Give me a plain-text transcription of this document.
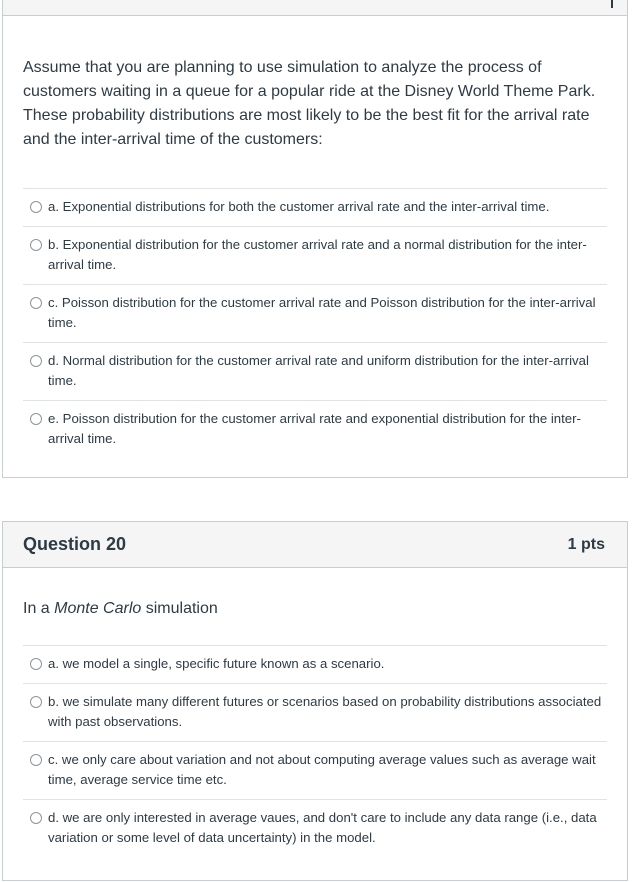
Assume that you are planning to use simulation to analyze the process of customers waiting in a queue for a popular ride at the Disney World Theme Park. These probability distributions are most likely to be the best fit for the arrival rate and the inter-arrival time of the customers:
a. Exponential distributions for both the customer arrival rate and the inter-arrival time.
b. Exponential distribution for the customer arrival rate and a normal distribution for the inter-arrival time.
c. Poisson distribution for the customer arrival rate and Poisson distribution for the inter-arrival time.
d. Normal distribution for the customer arrival rate and uniform distribution for the inter-arrival time.
e. Poisson distribution for the customer arrival rate and exponential distribution for the inter-arrival time.
Question 20	1 pts
In a Monte Carlo simulation
a. we model a single, specific future known as a scenario.
b. we simulate many different futures or scenarios based on probability distributions associated with past observations.
c. we only care about variation and not about computing average values such as average wait time, average service time etc.
d. we are only interested in average vaues, and don't care to include any data range (i.e., data variation or some level of data uncertainty) in the model.
